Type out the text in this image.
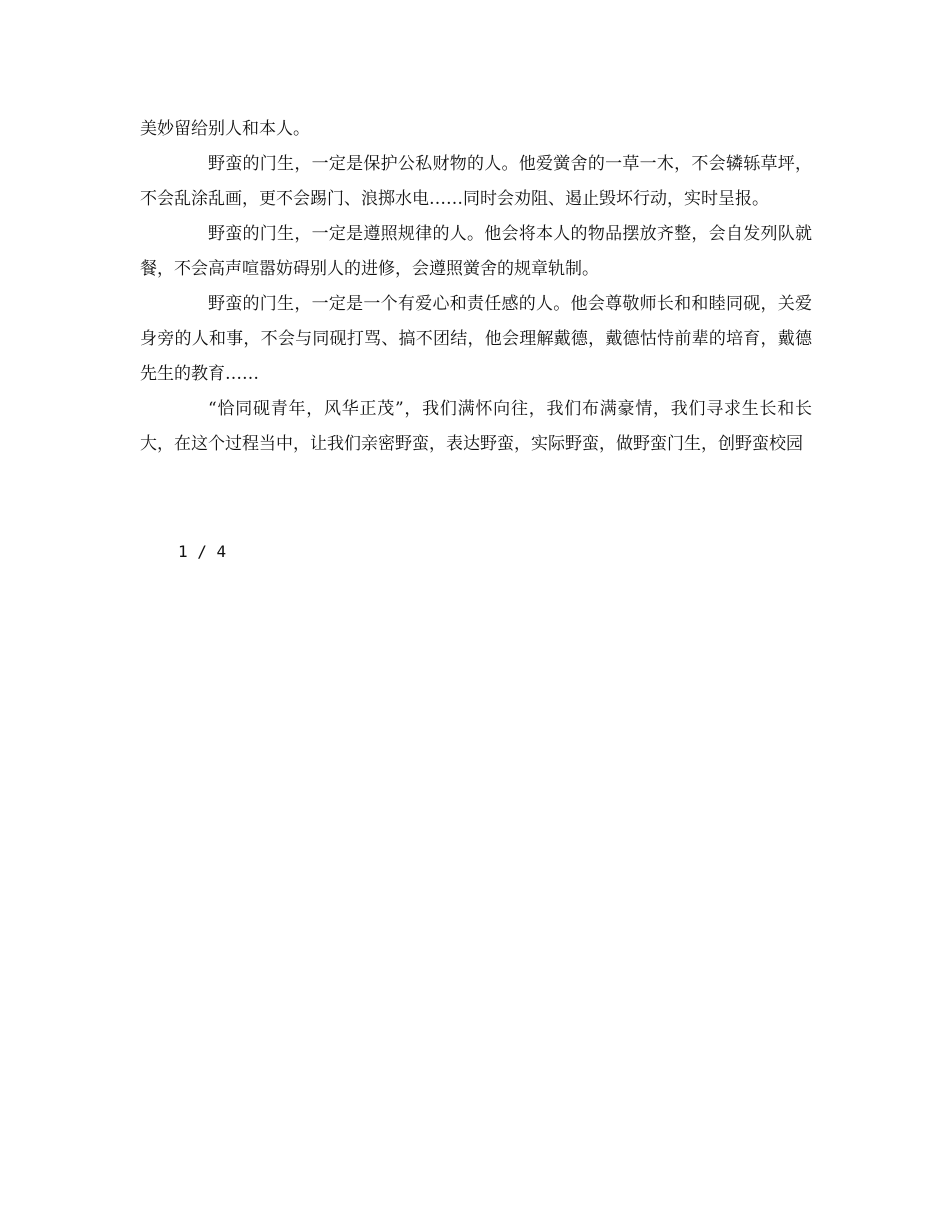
美妙留给别人和本人。

野蛮的门生，一定是保护公私财物的人。他爱黉舍的一草一木，不会辚轹草坪，不会乱涂乱画，更不会踢门、浪掷水电……同时会劝阻、遏止毁坏行动，实时呈报。

野蛮的门生，一定是遵照规律的人。他会将本人的物品摆放齐整，会自发列队就餐，不会高声喧嚣妨碍别人的进修，会遵照黉舍的规章轨制。

野蛮的门生，一定是一个有爱心和责任感的人。他会尊敬师长和和睦同砚，关爱身旁的人和事，不会与同砚打骂、搞不团结，他会理解戴德，戴德怙恃前辈的培育，戴德先生的教育……

“恰同砚青年，风华正茂”，我们满怀向往，我们布满豪情，我们寻求生长和长大，在这个过程当中，让我们亲密野蛮，表达野蛮，实际野蛮，做野蛮门生，创野蛮校园

1 / 4
